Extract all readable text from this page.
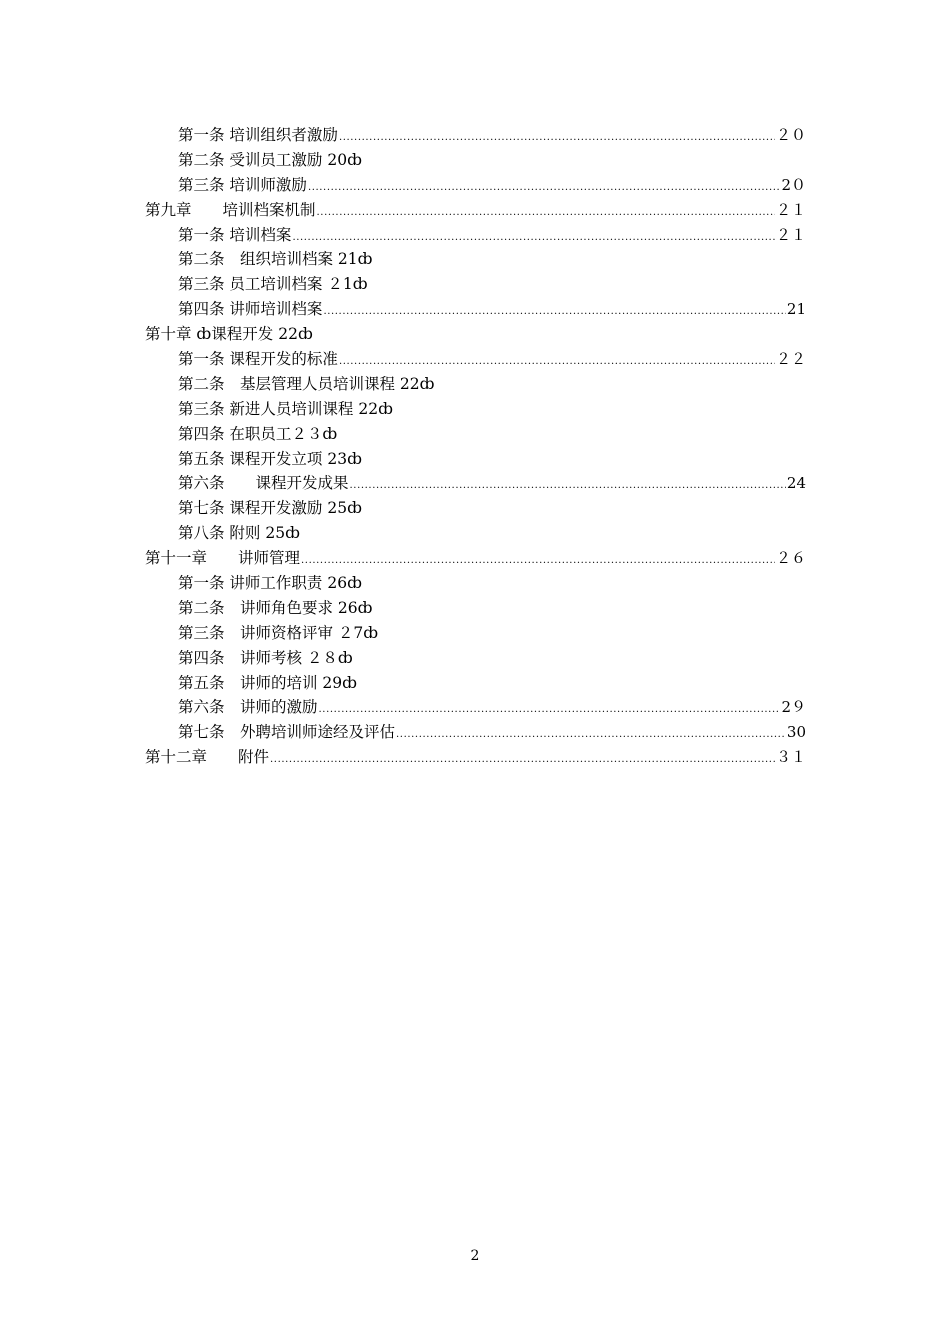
第一条 培训组织者激励 .....	２０
第二条 受训员工激励 20ȸ
第三条 培训师激励 .....	2０
第九章　　培训档案机制 .....	２１
第一条 培训档案 .....	２１
第二条　组织培训档案 21ȸ
第三条 员工培训档案 ２1ȸ
第四条 讲师培训档案 .....	21
第十章 ȸ课程开发 22ȸ
第一条 课程开发的标准 .....	２２
第二条　基层管理人员培训课程 22ȸ
第三条 新进人员培训课程 22ȸ
第四条 在职员工２３ȸ
第五条 课程开发立项 23ȸ
第六条　　课程开发成果 .....	24
第七条 课程开发激励 25ȸ
第八条 附则 25ȸ
第十一章　　讲师管理 .....	２６
第一条 讲师工作职责 26ȸ
第二条　讲师角色要求 26ȸ
第三条　讲师资格评审 ２7ȸ
第四条　讲师考核 ２８ȸ
第五条　讲师的培训 29ȸ
第六条　讲师的激励 .....	2９
第七条　外聘培训师途经及评估 .....	30
第十二章　　附件 .....	３１
2
